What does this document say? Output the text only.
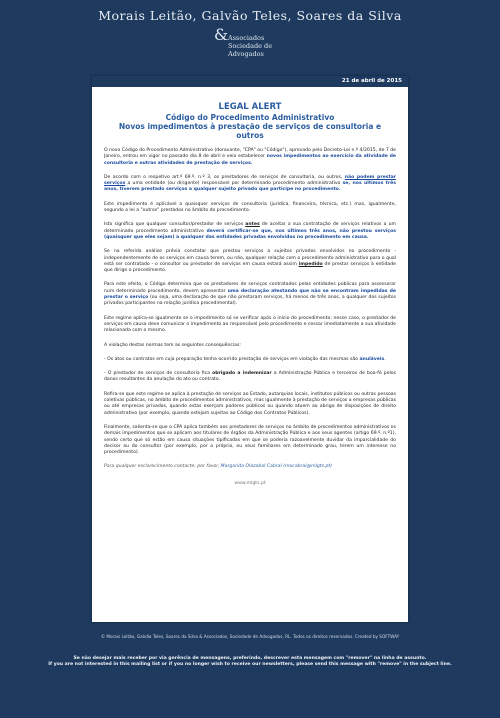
Morais Leitão, Galvão Teles, Soares da Silva
& Associados
Sociedade de
Advogados
21 de abril de 2015
LEGAL ALERT
Código do Procedimento Administrativo
Novos impedimentos à prestação de serviços de consultoria e outros

O novo Código do Procedimento Administrativo (doravante, "CPA" ou "Código"), aprovado pelo Decreto-Lei n.º 4/2015, de 7 de Janeiro, entrou em vigor no passado dia 8 de abril e veio estabelecer novos impedimentos ao exercício da atividade de consultoria e outras atividades de prestação de serviços.

De acordo com o respetivo art.º 69.º, n.º 3, os prestadores de serviços de consultoria, ou outros, não podem prestar serviços a uma entidade (ou dirigente) responsável por determinado procedimento administrativo se, nos últimos três anos, tiverem prestado serviços a qualquer sujeito privado que participe no procedimento.

Este impedimento é aplicável a quaisquer serviços de consultoria (jurídica, financeira, técnica, etc.) mas, igualmente, segundo a lei a "outros" prestados no âmbito do procedimento.

Isto significa que qualquer consultor/prestador de serviços antes de aceitar a sua contratação de serviços relativos a um determinado procedimento administrativo deverá certificar-se que, nos últimos três anos, não prestou serviços (quaisquer que eles sejam) a qualquer das entidades privadas envolvidas no procedimento em causa.

Se na referida análise prévia constatar que prestou serviços a sujeitos privados envolvidos no procedimento - independentemente de os serviços em causa terem, ou não, qualquer relação com o procedimento administrativo para o qual está ser contratado - o consultor ou prestador de serviços em causa estará assim impedido de prestar serviços à entidade que dirige o procedimento.

Para este efeito, o Código determina que os prestadores de serviços contratados pelas entidades públicas para assessorar num determinado procedimento, devem apresentar uma declaração atestando que não se encontram impedidas de prestar o serviço (ou seja, uma declaração de que não prestaram serviços, há menos de três anos, a qualquer dos sujeitos privados participantes na relação jurídica procedimental).

Este regime aplica-se igualmente se o impedimento só se verificar após o início do procedimento: nesse caso, o prestador de serviços em causa deve comunicar o impedimento ao responsável pelo procedimento e cessar imediatamente a sua atividade relacionada com o mesmo.

A violação destas normas tem as seguintes consequências:

- Os atos ou contratos em cuja preparação tenha ocorrido prestação de serviços em violação das mesmas são anuláveis.

- O prestador de serviços de consultoria fica obrigado a indemnizar a Administração Pública e terceiros de boa-fé pelos danos resultantes da anulação do ato ou contrato.

Refira-se que este regime se aplica à prestação de serviços ao Estado, autarquias locais, institutos públicos ou outras pessoas coletivas públicas, no âmbito de procedimentos administrativos, mas igualmente à prestação de serviços a empresas públicas ou até empresas privadas, quando estas exerçam poderes públicos ou quando atuem ao abrigo de disposições de direito administrativo (por exemplo, quando estejam sujeitas ao Código dos Contratos Públicos).

Finalmente, salienta-se que o CPA aplica também aos prestadores de serviços no âmbito de procedimentos administrativos os demais impedimentos que se aplicam aos titulares de órgãos da Administração Pública e aos seus agentes (artigo 69.º, n.º1), sendo certo que só estão em causa situações tipificadas em que se poderia razoavelmente duvidar da imparcialidade do decisor ou do consultor (por exemplo, por o próprio, ou seus familiares em determinado grau, terem um interesse no procedimento).

Para qualquer esclarecimento contacte, por favor, Margarida Olazabal Cabral (mocabral@mlgts.pt)

www.mlgts.pt
© Morais Leitão, Galvão Teles, Soares da Silva & Associados, Sociedade de Advogados, RL. Todos os direitos reservados. Created by SOFTWAY
Se não desejar mais receber por via gerência de mensagens, preferindo, descrever esta mensagem com "remover" na linha de assunto.
If you are not interested in this mailing list or if you no longer wish to receive our newsletters, please send this message with "remove" in the subject line.
